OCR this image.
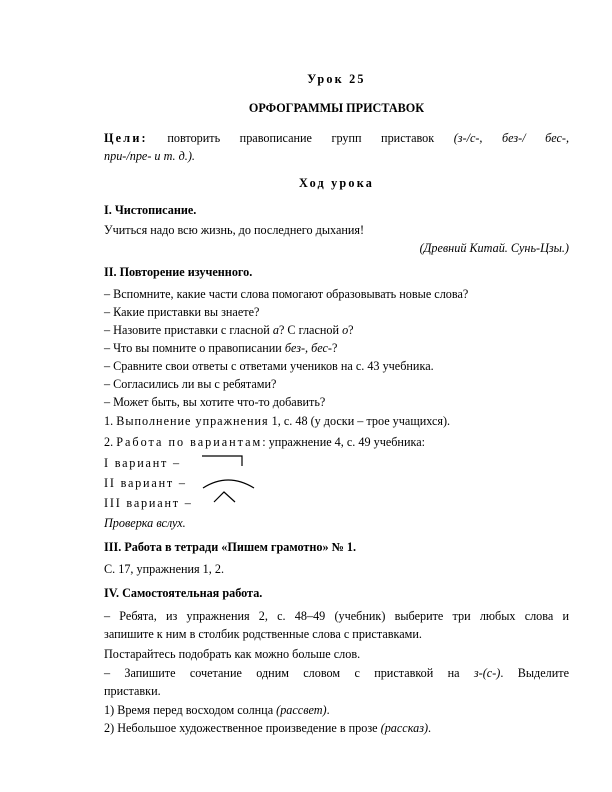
Урок 25
ОРФОГРАММЫ ПРИСТАВОК
Цели: повторить правописание групп приставок (з-/с-, без-/ бес-,
при-/пре- и т. д.).
Ход урока
I. Чистописание.
Учиться надо всю жизнь, до последнего дыхания!
(Древний Китай. Сунь-Цзы.)
II. Повторение изученного.
– Вспомните, какие части слова помогают образовывать новые слова?
– Какие приставки вы знаете?
– Назовите приставки с гласной а? С гласной о?
– Что вы помните о правописании без-, бес-?
– Сравните свои ответы с ответами учеников на с. 43 учебника.
– Согласились ли вы с ребятами?
– Может быть, вы хотите что-то добавить?
1. Выполнение упражнения 1, с. 48 (у доски – трое учащихся).
2. Работа по вариантам: упражнение 4, с. 49 учебника:
I вариант –
II вариант –
III вариант –
Проверка вслух.
III. Работа в тетради «Пишем грамотно» № 1.
С. 17, упражнения 1, 2.
IV. Самостоятельная работа.
– Ребята, из упражнения 2, с. 48–49 (учебник) выберите три любых слова и
запишите к ним в столбик родственные слова с приставками.
Постарайтесь подобрать как можно больше слов.
– Запишите сочетание одним словом с приставкой на з-(с-). Выделите
приставки.
1) Время перед восходом солнца (рассвет).
2) Небольшое художественное произведение в прозе (рассказ).
